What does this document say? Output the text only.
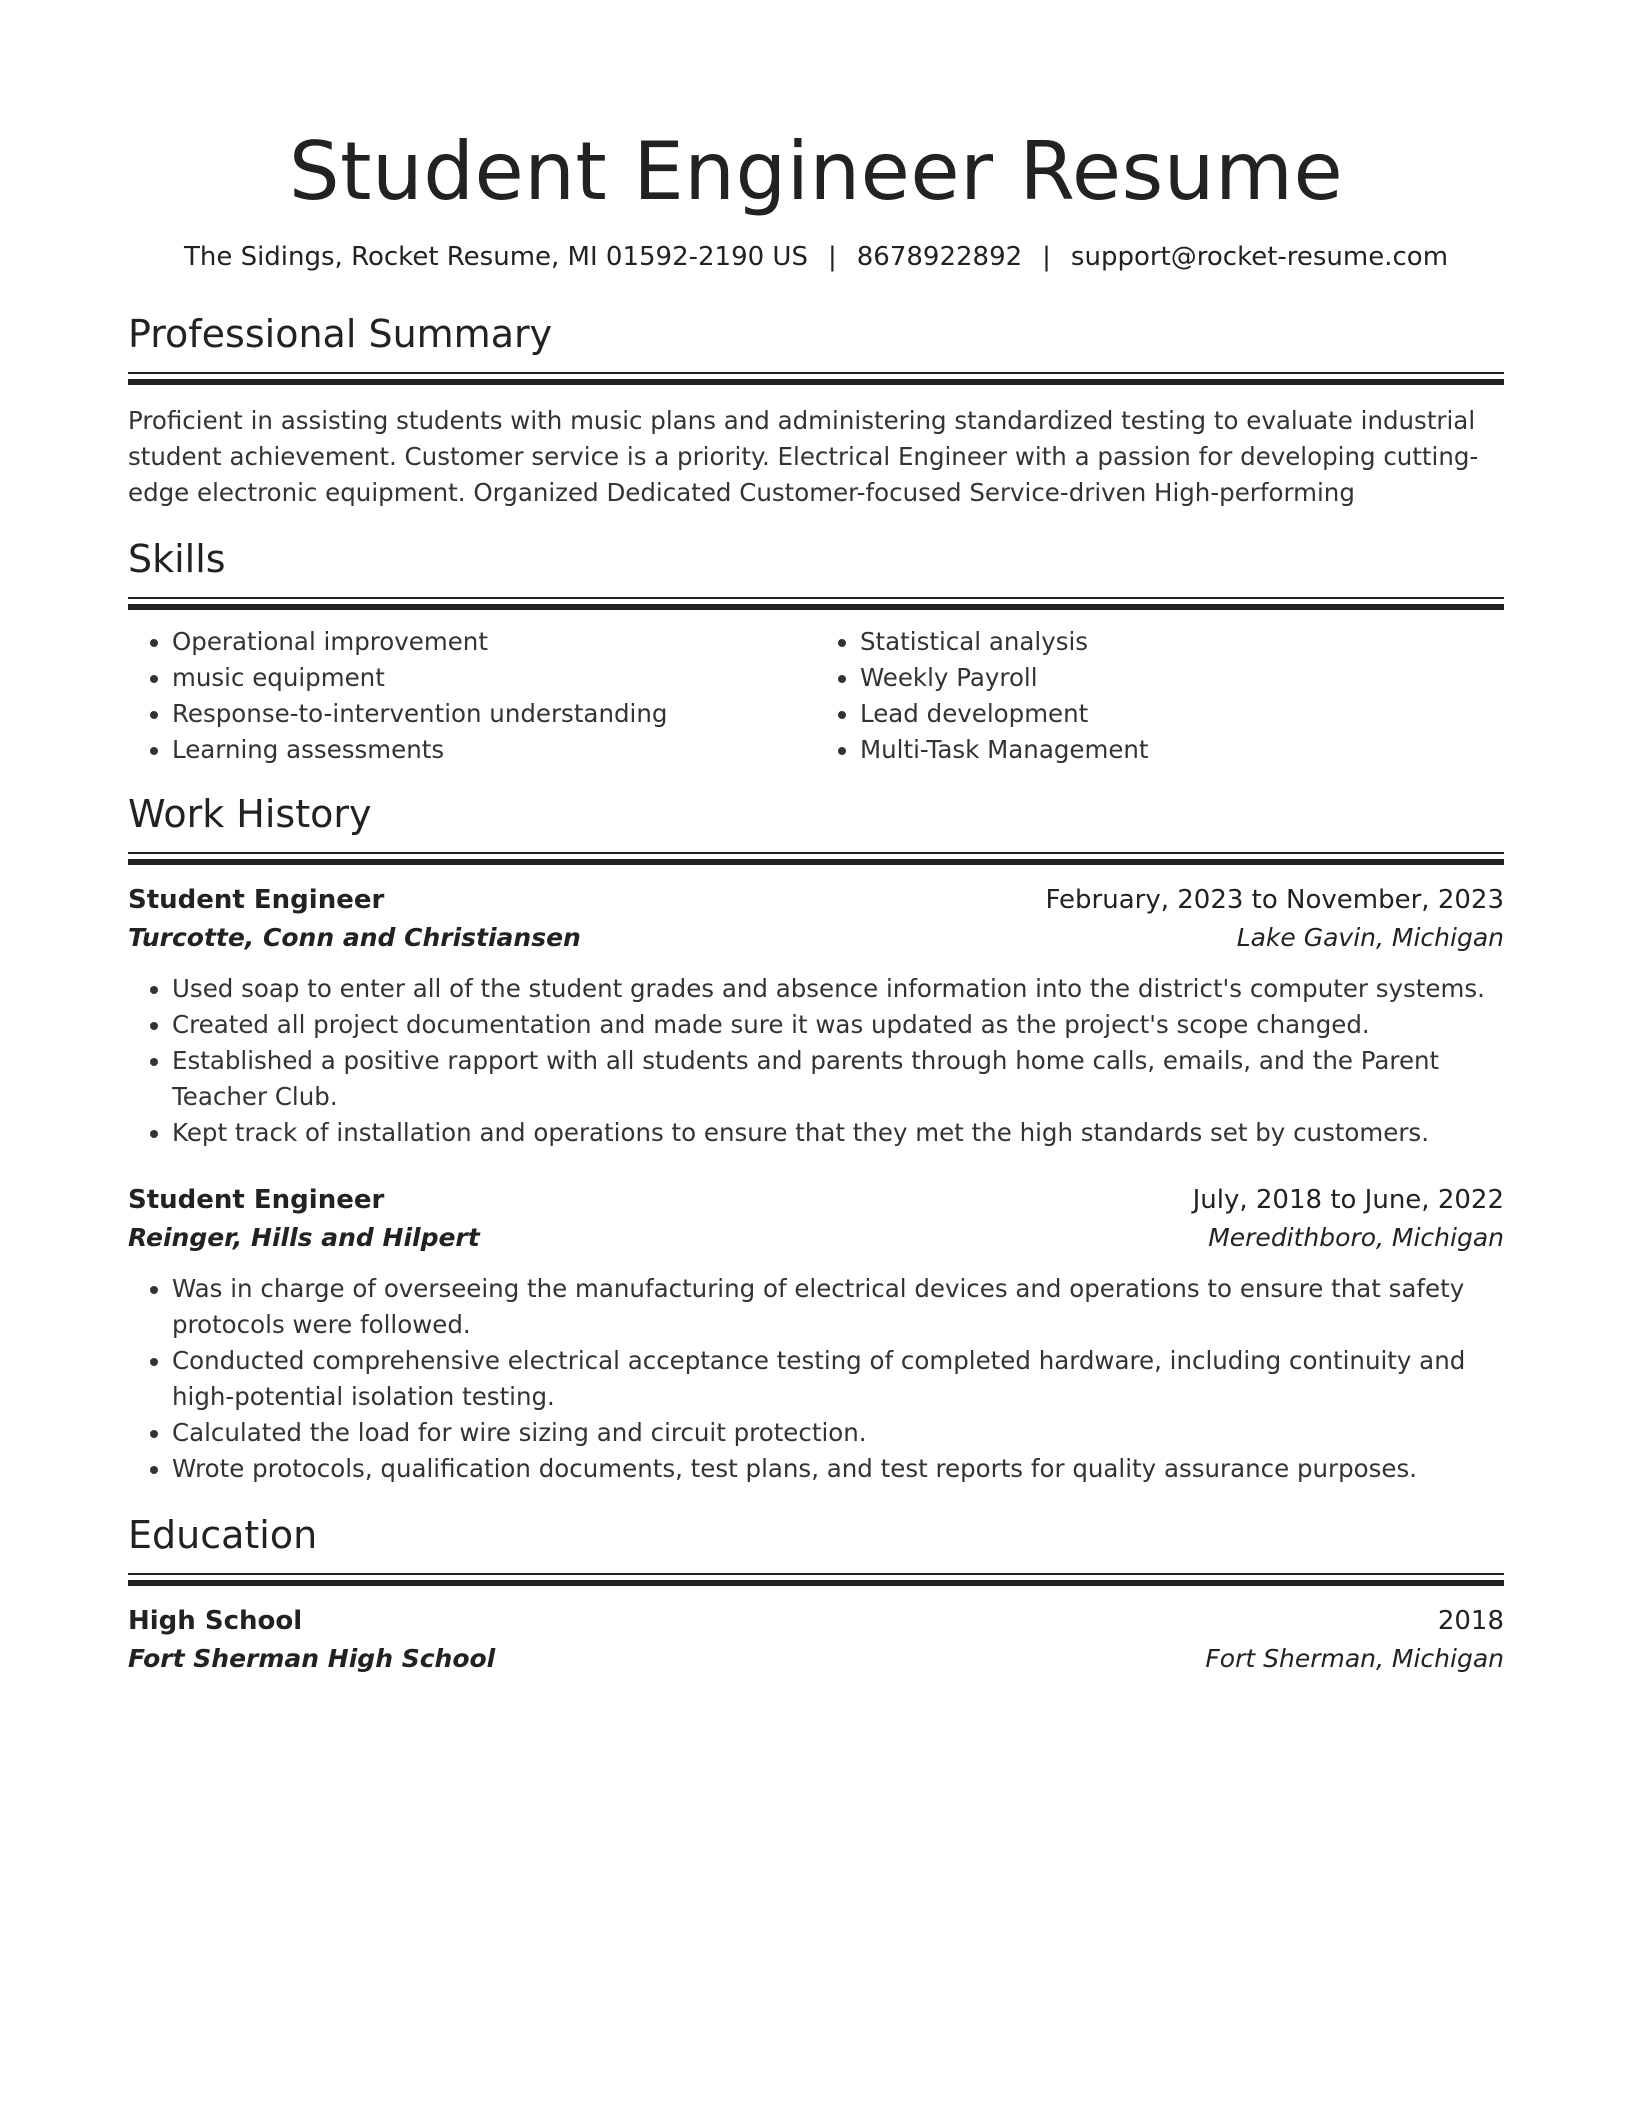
Student Engineer Resume
The Sidings, Rocket Resume, MI 01592-2190 US | 8678922892 | support@rocket-resume.com
Professional Summary

Proficient in assisting students with music plans and administering standardized testing to evaluate industrial student achievement. Customer service is a priority. Electrical Engineer with a passion for developing cutting-edge electronic equipment. Organized Dedicated Customer-focused Service-driven High-performing

Skills
• Operational improvement
• music equipment
• Response-to-intervention understanding
• Learning assessments
• Statistical analysis
• Weekly Payroll
• Lead development
• Multi-Task Management
Work History
Student Engineer	February, 2023 to November, 2023
Turcotte, Conn and Christiansen	Lake Gavin, Michigan
• Used soap to enter all of the student grades and absence information into the district's computer systems.
• Created all project documentation and made sure it was updated as the project's scope changed.
• Established a positive rapport with all students and parents through home calls, emails, and the Parent Teacher Club.
• Kept track of installation and operations to ensure that they met the high standards set by customers.
Student Engineer	July, 2018 to June, 2022
Reinger, Hills and Hilpert	Meredithboro, Michigan
• Was in charge of overseeing the manufacturing of electrical devices and operations to ensure that safety protocols were followed.
• Conducted comprehensive electrical acceptance testing of completed hardware, including continuity and high-potential isolation testing.
• Calculated the load for wire sizing and circuit protection.
• Wrote protocols, qualification documents, test plans, and test reports for quality assurance purposes.
Education
High School	2018
Fort Sherman High School	Fort Sherman, Michigan
